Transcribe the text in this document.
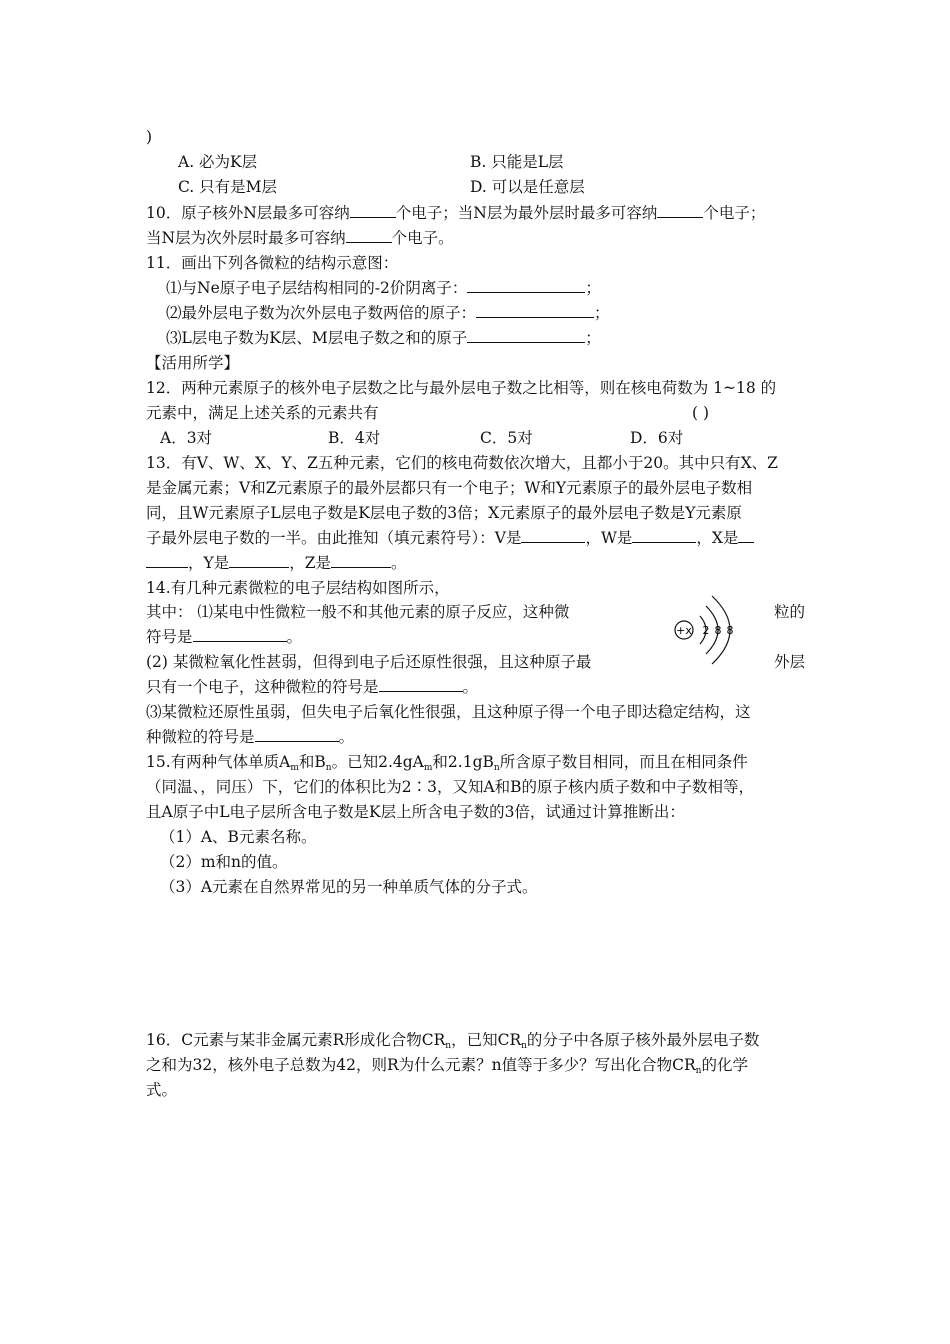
)
A. 必为K层	B. 只能是L层
C. 只有是M层	D. 可以是任意层
10．原子核外N层最多可容纳	个电子；当N层为最外层时最多可容纳	个电子；
当N层为次外层时最多可容纳	个电子。
11．画出下列各微粒的结构示意图：
⑴与Ne原子电子层结构相同的-2价阴离子：	；
⑵最外层电子数为次外层电子数两倍的原子：	；
⑶L层电子数为K层、M层电子数之和的原子	；
【活用所学】
12．两种元素原子的核外电子层数之比与最外层电子数之比相等，则在核电荷数为 1~18 的
元素中，满足上述关系的元素共有	( )
A．3对	B．4对	C．5对	D．6对
13．有V、W、X、Y、Z五种元素，它们的核电荷数依次增大，且都小于20。其中只有X、Z
是金属元素；V和Z元素原子的最外层都只有一个电子；W和Y元素原子的最外层电子数相
同，且W元素原子L层电子数是K层电子数的3倍；X元素原子的最外层电子数是Y元素原
子最外层电子数的一半。由此推知（填元素符号）：V是	，W是	，X是
，Y是	，Z是	。
14.有几种元素微粒的电子层结构如图所示，
其中： ⑴某电中性微粒一般不和其他元素的原子反应，这种微	粒的
符号是	。
(2) 某微粒氧化性甚弱，但得到电子后还原性很强，且这种原子最	外层
只有一个电子，这种微粒的符号是	。
⑶某微粒还原性虽弱，但失电子后氧化性很强，且这种原子得一个电子即达稳定结构，这
种微粒的符号是	。
+x 2 8 8
15.有两种气体单质$A_m$和$B_n$。已知$2.4gA_m$和$2.1gB_n$所含原子数目相同，而且在相同条件
（同温、，同压）下，它们的体积比为2∶3，又知A和B的原子核内质子数和中子数相等，
且A原子中L电子层所含电子数是K层上所含电子数的3倍，试通过计算推断出：
（1）A、B元素名称。
（2）m和n的值。
（3）A元素在自然界常见的另一种单质气体的分子式。
16．C元素与某非金属元素R形成化合物$CR_n$，已知$CR_n$的分子中各原子核外最外层电子数
之和为32，核外电子总数为42，则R为什么元素？n值等于多少？写出化合物$CR_n$的化学
式。
